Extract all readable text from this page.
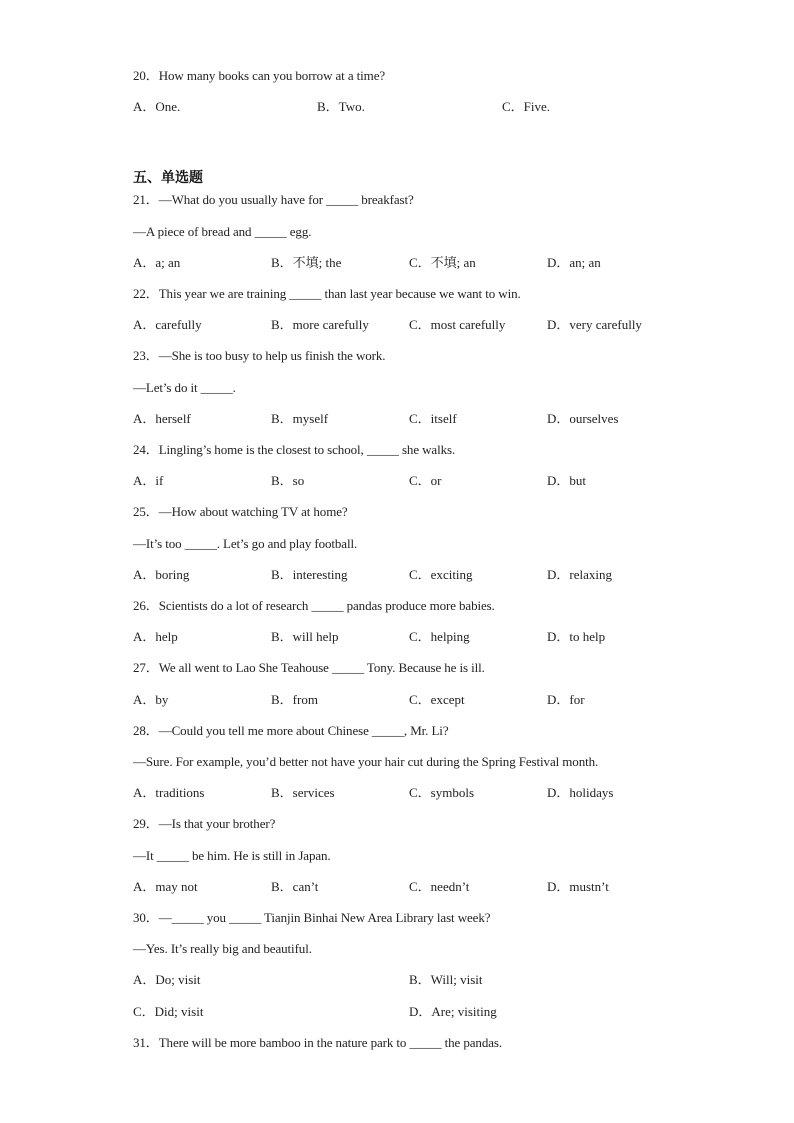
20．How many books can you borrow at a time?
A．One.	B．Two.	C．Five.
五、单选题
21．—What do you usually have for _____ breakfast?
—A piece of bread and _____ egg.
A．a; an	B．不填; the	C．不填; an	D．an; an
22．This year we are training _____ than last year because we want to win.
A．carefully	B．more carefully	C．most carefully	D．very carefully
23．—She is too busy to help us finish the work.
—Let’s do it _____.
A．herself	B．myself	C．itself	D．ourselves
24．Lingling’s home is the closest to school, _____ she walks.
A．if	B．so	C．or	D．but
25．—How about watching TV at home?
—It’s too _____. Let’s go and play football.
A．boring	B．interesting	C．exciting	D．relaxing
26．Scientists do a lot of research _____ pandas produce more babies.
A．help	B．will help	C．helping	D．to help
27．We all went to Lao She Teahouse _____ Tony. Because he is ill.
A．by	B．from	C．except	D．for
28．—Could you tell me more about Chinese _____, Mr. Li?
—Sure. For example, you’d better not have your hair cut during the Spring Festival month.
A．traditions	B．services	C．symbols	D．holidays
29．—Is that your brother?
—It _____ be him. He is still in Japan.
A．may not	B．can’t	C．needn’t	D．mustn’t
30．—_____ you _____ Tianjin Binhai New Area Library last week?
—Yes. It’s really big and beautiful.
A．Do; visit	B．Will; visit
C．Did; visit	D．Are; visiting
31．There will be more bamboo in the nature park to _____ the pandas.
